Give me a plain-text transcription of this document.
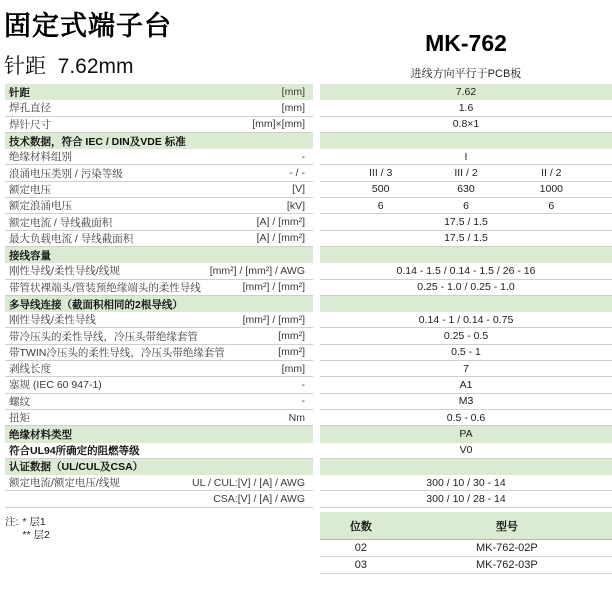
固定式端子台
针距  7.62mm
MK-762
进线方向平行于PCB板
针距	[mm]	7.62
焊孔直径	[mm]	1.6
焊针尺寸	[mm]×[mm]	0.8×1
技术数据，符合 IEC / DIN及VDE 标准
绝缘材料组别	-	I
浪涌电压类别 / 污染等级	- / -	III / 3	III / 2	II / 2
额定电压	[V]	500	630	1000
额定浪涌电压	[kV]	6	6	6
额定电流 / 导线截面积	[A] / [mm²]	17.5 / 1.5
最大负载电流 / 导线截面积	[A] / [mm²]	17.5 / 1.5
接线容量
刚性导线/柔性导线/线规	[mm²] / [mm²] / AWG	0.14 - 1.5 / 0.14 - 1.5 / 26 - 16
带管状裸端头/管装预绝缘端头的柔性导线	[mm²] / [mm²]	0.25 - 1.0 / 0.25 - 1.0
多导线连接（截面积相同的2根导线）
刚性导线/柔性导线	[mm²] / [mm²]	0.14 - 1 / 0.14 - 0.75
带冷压头的柔性导线，冷压头带绝缘套管	[mm²]	0.25 - 0.5
带TWIN冷压头的柔性导线，冷压头带绝缘套管	[mm²]	0.5 - 1
剥线长度	[mm]	7
塞规 (IEC 60 947-1)	-	A1
螺纹	-	M3
扭矩	Nm	0.5 - 0.6
绝缘材料类型	PA
符合UL94所确定的阻燃等级	V0
认证数据（UL/CUL及CSA）
额定电流/额定电压/线规	UL / CUL:[V] / [A] / AWG	300 / 10 / 30 - 14
CSA:[V] / [A] / AWG	300 / 10 / 28 - 14
注: * 层1
** 层2
位数	型号
02	MK-762-02P
03	MK-762-03P
